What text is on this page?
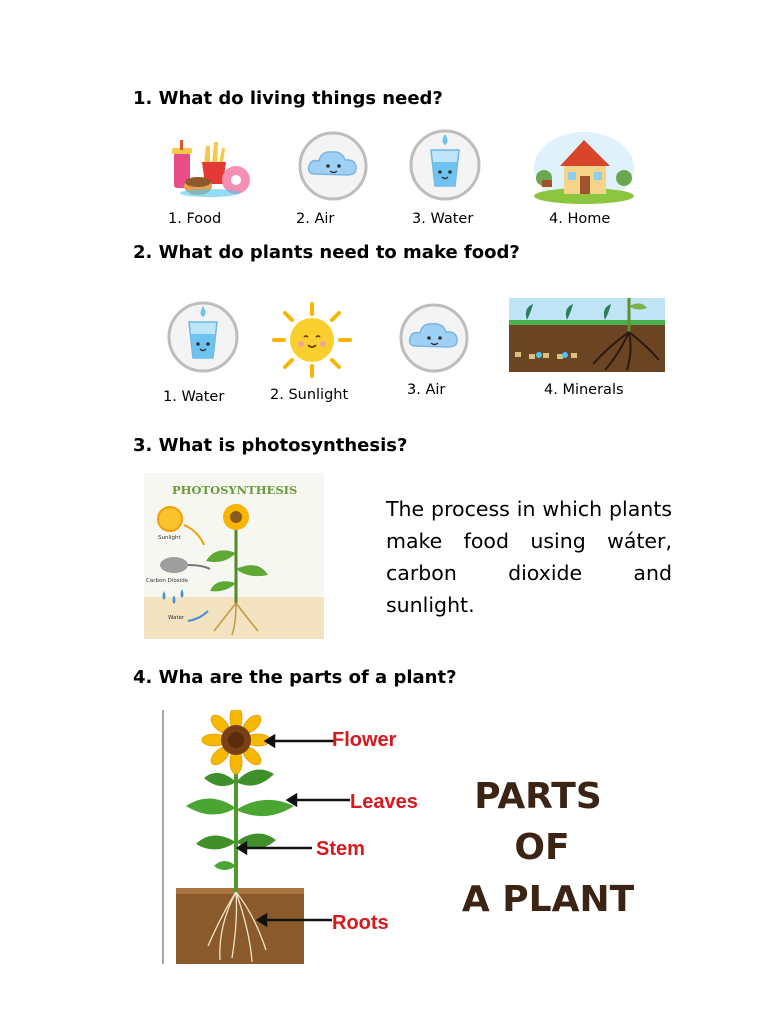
1. What do living things need?
1. Food	2. Air	3. Water	4. Home
2. What do plants need to make food?
1. Water	2. Sunlight	3. Air	4. Minerals
3. What is photosynthesis?
PHOTOSYNTHESIS
Sunlight
Carbon Dioxide
Water

The process in which plants make food using wáter, carbon dioxide and sunlight.

4. Wha are the parts of a plant?
Flower
Leaves
Stem
Roots
PARTS
OF
A PLANT
